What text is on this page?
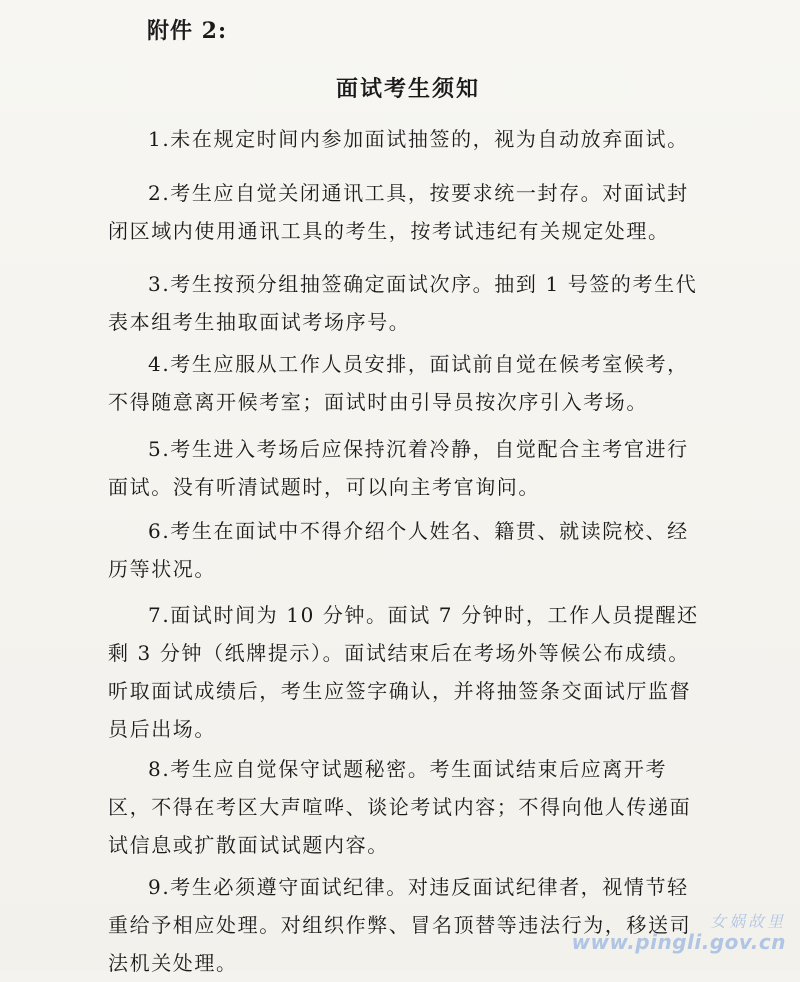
附件 2:
面试考生须知

1.未在规定时间内参加面试抽签的，视为自动放弃面试。

2.考生应自觉关闭通讯工具，按要求统一封存。对面试封闭区域内使用通讯工具的考生，按考试违纪有关规定处理。

3.考生按预分组抽签确定面试次序。抽到 1 号签的考生代表本组考生抽取面试考场序号。

4.考生应服从工作人员安排，面试前自觉在候考室候考，不得随意离开候考室；面试时由引导员按次序引入考场。

5.考生进入考场后应保持沉着冷静，自觉配合主考官进行面试。没有听清试题时，可以向主考官询问。

6.考生在面试中不得介绍个人姓名、籍贯、就读院校、经历等状况。

7.面试时间为 10 分钟。面试 7 分钟时，工作人员提醒还剩 3 分钟（纸牌提示）。面试结束后在考场外等候公布成绩。听取面试成绩后，考生应签字确认，并将抽签条交面试厅监督员后出场。

8.考生应自觉保守试题秘密。考生面试结束后应离开考区，不得在考区大声喧哗、谈论考试内容；不得向他人传递面试信息或扩散面试试题内容。

9.考生必须遵守面试纪律。对违反面试纪律者，视情节轻重给予相应处理。对组织作弊、冒名顶替等违法行为，移送司法机关处理。

女娲故里
www.pingli.gov.cn
